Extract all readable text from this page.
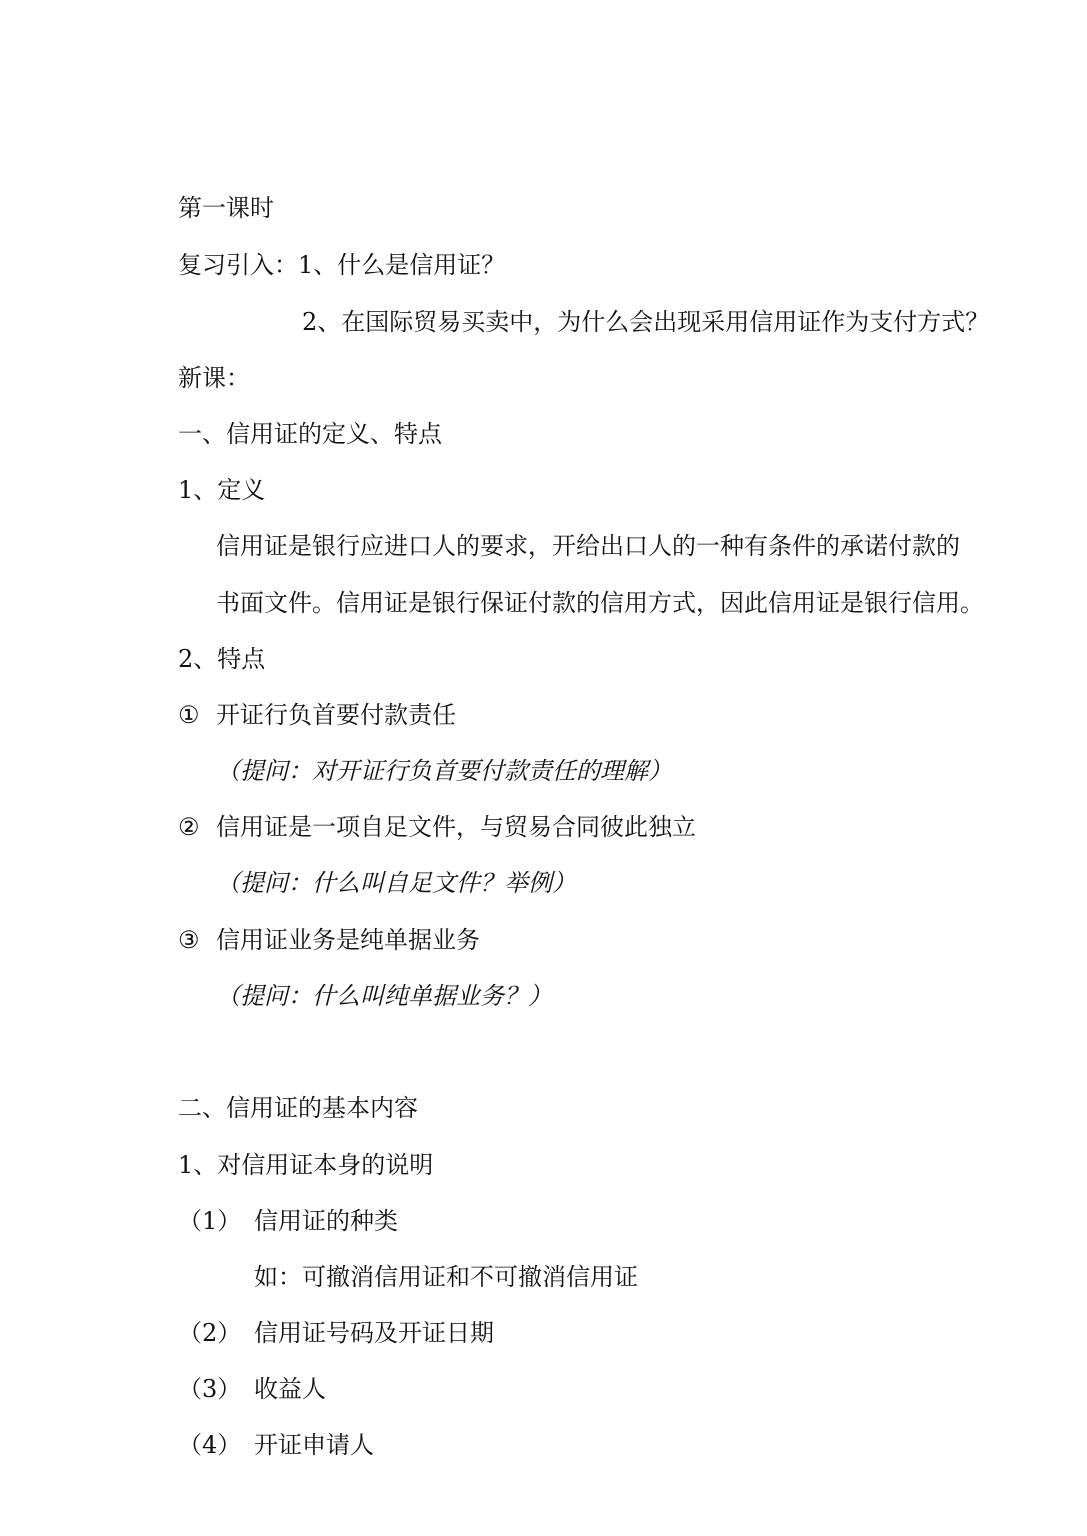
第一课时
复习引入：1、什么是信用证？
2、在国际贸易买卖中，为什么会出现采用信用证作为支付方式？
新课：
一、信用证的定义、特点
1、定义
信用证是银行应进口人的要求，开给出口人的一种有条件的承诺付款的
书面文件。信用证是银行保证付款的信用方式，因此信用证是银行信用。
2、特点
① 开证行负首要付款责任
（提问：对开证行负首要付款责任的理解）
② 信用证是一项自足文件，与贸易合同彼此独立
（提问：什么叫自足文件？举例）
③ 信用证业务是纯单据业务
（提问：什么叫纯单据业务？）
二、信用证的基本内容
1、对信用证本身的说明
（1） 信用证的种类
如：可撤消信用证和不可撤消信用证
（2） 信用证号码及开证日期
（3） 收益人
（4） 开证申请人
